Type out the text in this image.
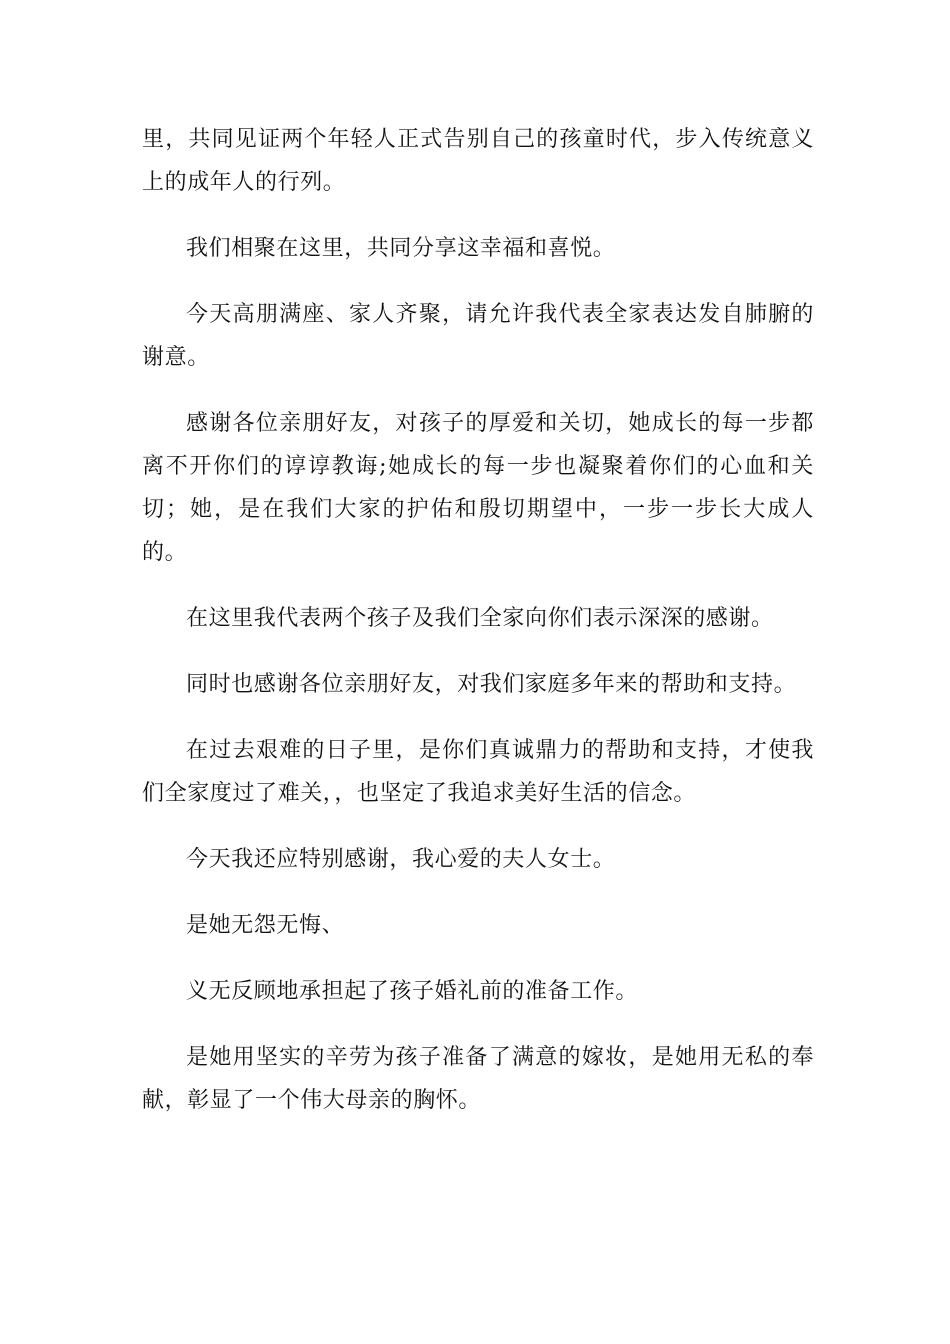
里，共同见证两个年轻人正式告别自己的孩童时代，步入传统意义上的成年人的行列。

我们相聚在这里，共同分享这幸福和喜悦。

今天高朋满座、家人齐聚，请允许我代表全家表达发自肺腑的谢意。

感谢各位亲朋好友，对孩子的厚爱和关切，她成长的每一步都离不开你们的谆谆教诲;她成长的每一步也凝聚着你们的心血和关切；她，是在我们大家的护佑和殷切期望中，一步一步长大成人的。

在这里我代表两个孩子及我们全家向你们表示深深的感谢。

同时也感谢各位亲朋好友，对我们家庭多年来的帮助和支持。

在过去艰难的日子里，是你们真诚鼎力的帮助和支持，才使我们全家度过了难关，，也坚定了我追求美好生活的信念。

今天我还应特别感谢，我心爱的夫人女士。

是她无怨无悔、

义无反顾地承担起了孩子婚礼前的准备工作。

是她用坚实的辛劳为孩子准备了满意的嫁妆，是她用无私的奉献，彰显了一个伟大母亲的胸怀。
